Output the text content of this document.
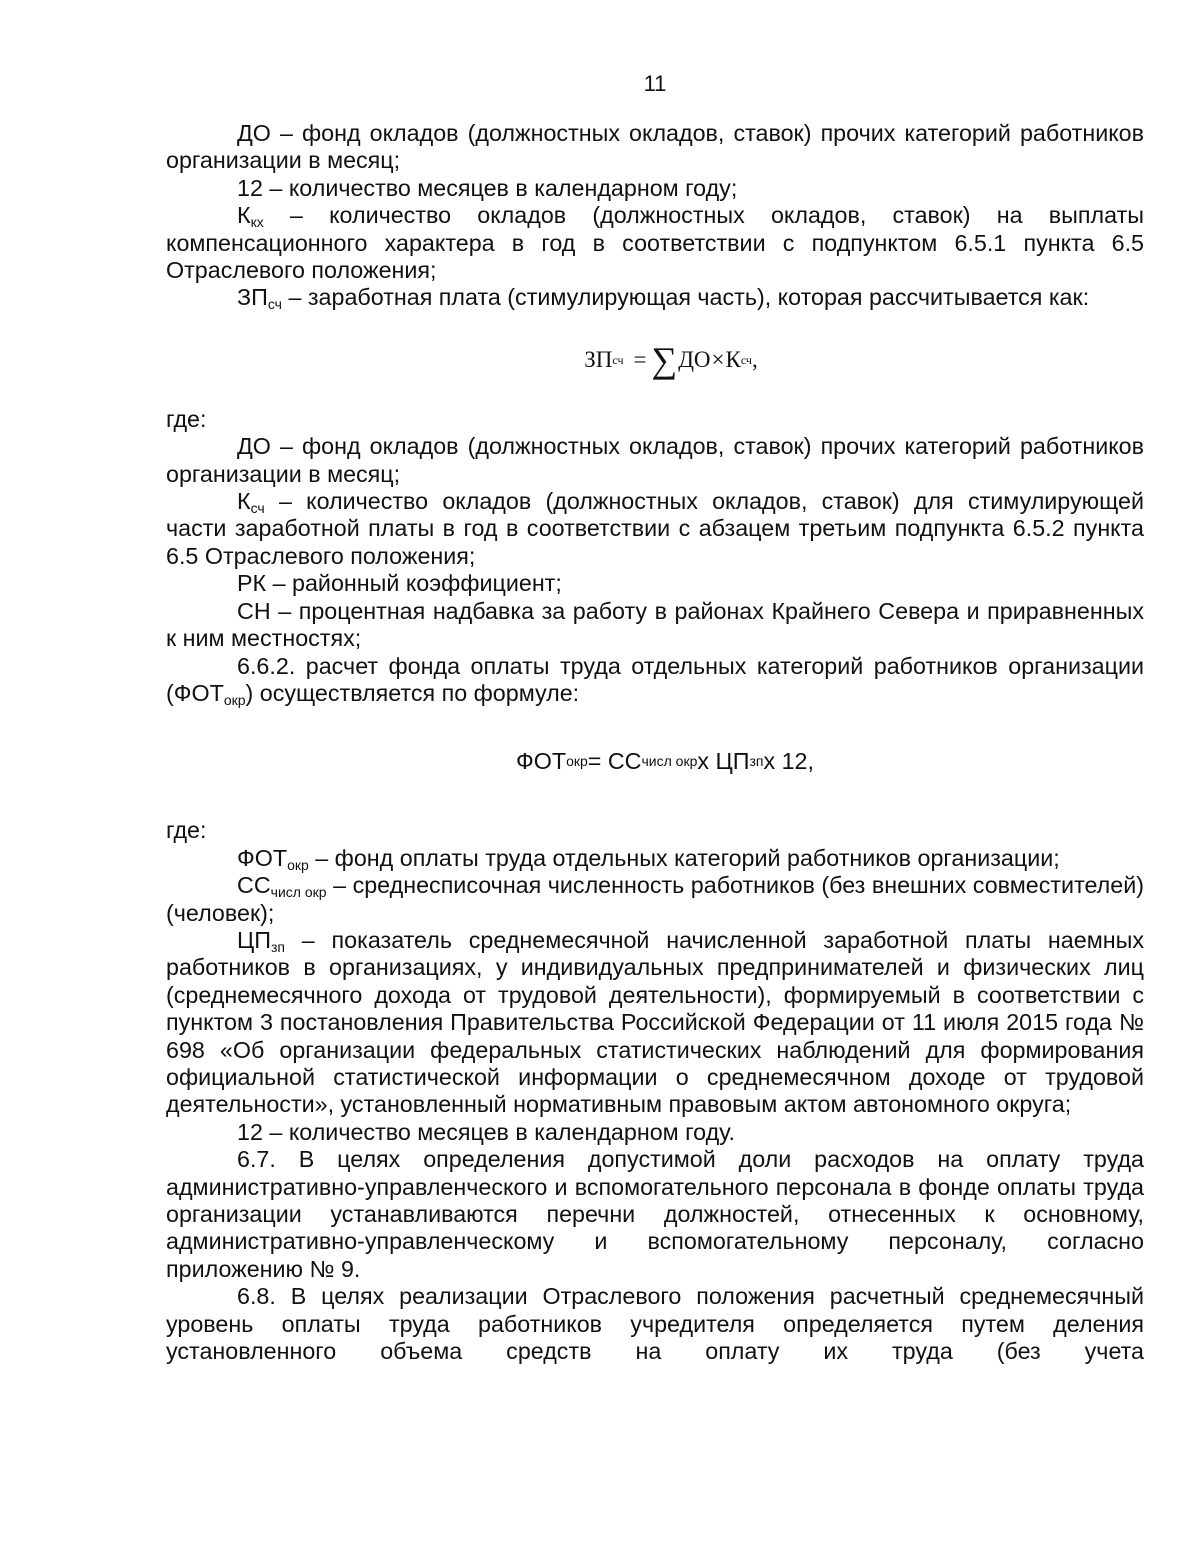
11

ДО – фонд окладов (должностных окладов, ставок) прочих категорий работников организации в месяц;

12 – количество месяцев в календарном году;

$К_{кх}$ – количество окладов (должностных окладов, ставок) на выплаты компенсационного характера в год в соответствии с подпунктом 6.5.1 пункта 6.5 Отраслевого положения;

$ЗП_{сч}$ – заработная плата (стимулирующая часть), которая рассчитывается как:

ЗП сч = ∑ ДО × К сч ,

где:

ДО – фонд окладов (должностных окладов, ставок) прочих категорий работников организации в месяц;

$К_{сч}$ – количество окладов (должностных окладов, ставок) для стимулирующей части заработной платы в год в соответствии с абзацем третьим подпункта 6.5.2 пункта 6.5 Отраслевого положения;

РК – районный коэффициент;

СН – процентная надбавка за работу в районах Крайнего Севера и приравненных к ним местностях;

6.6.2. расчет фонда оплаты труда отдельных категорий работников организации $(ФОТ_{окр})$ осуществляется по формуле:

ФОТ окр = СС числ окр х ЦП зп х 12,

где:

$ФОТ_{окр}$ – фонд оплаты труда отдельных категорий работников организации;

$СС_{числ окр}$ – среднесписочная численность работников (без внешних совместителей) (человек);

$ЦП_{зп}$ – показатель среднемесячной начисленной заработной платы наемных работников в организациях, у индивидуальных предпринимателей и физических лиц (среднемесячного дохода от трудовой деятельности), формируемый в соответствии с пунктом 3 постановления Правительства Российской Федерации от 11 июля 2015 года № 698 «Об организации федеральных статистических наблюдений для формирования официальной статистической информации о среднемесячном доходе от трудовой деятельности», установленный нормативным правовым актом автономного округа;

12 – количество месяцев в календарном году.

6.7. В целях определения допустимой доли расходов на оплату труда административно-управленческого и вспомогательного персонала в фонде оплаты труда организации устанавливаются перечни должностей, отнесенных к основному, административно-управленческому и вспомогательному персоналу, согласно приложению № 9.

6.8. В целях реализации Отраслевого положения расчетный среднемесячный уровень оплаты труда работников учредителя определяется путем деления установленного объема средств на оплату их труда (без учета
